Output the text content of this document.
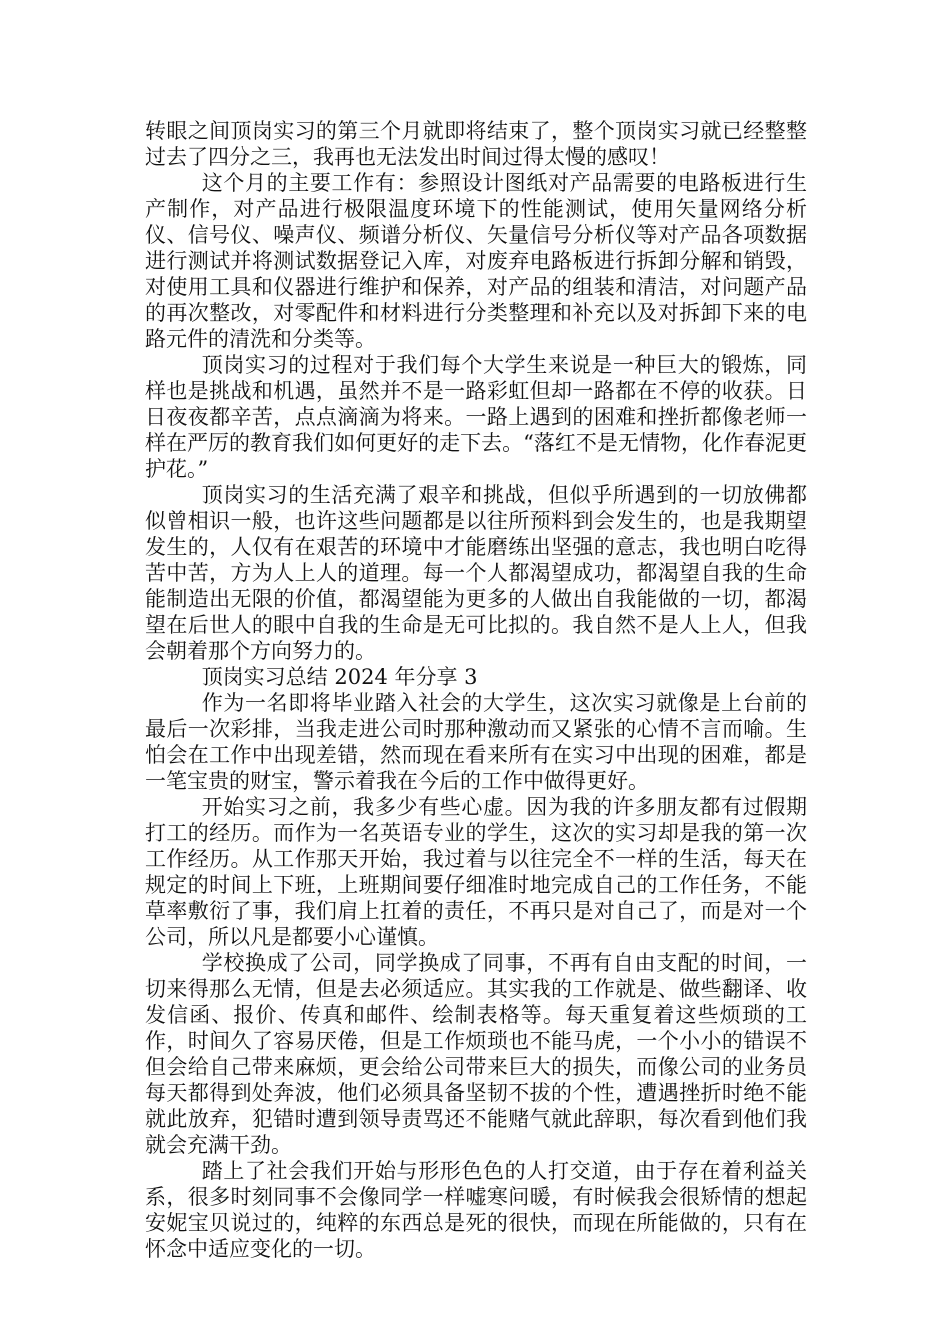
转眼之间顶岗实习的第三个月就即将结束了，整个顶岗实习就已经整整过去了四分之三，我再也无法发出时间过得太慢的感叹！

这个月的主要工作有：参照设计图纸对产品需要的电路板进行生产制作，对产品进行极限温度环境下的性能测试，使用矢量网络分析仪、信号仪、噪声仪、频谱分析仪、矢量信号分析仪等对产品各项数据进行测试并将测试数据登记入库，对废弃电路板进行拆卸分解和销毁，对使用工具和仪器进行维护和保养，对产品的组装和清洁，对问题产品的再次整改，对零配件和材料进行分类整理和补充以及对拆卸下来的电路元件的清洗和分类等。

顶岗实习的过程对于我们每个大学生来说是一种巨大的锻炼，同样也是挑战和机遇，虽然并不是一路彩虹但却一路都在不停的收获。日日夜夜都辛苦，点点滴滴为将来。一路上遇到的困难和挫折都像老师一样在严厉的教育我们如何更好的走下去。“落红不是无情物，化作春泥更护花。”

顶岗实习的生活充满了艰辛和挑战，但似乎所遇到的一切放佛都似曾相识一般，也许这些问题都是以往所预料到会发生的，也是我期望发生的，人仅有在艰苦的环境中才能磨练出坚强的意志，我也明白吃得苦中苦，方为人上人的道理。每一个人都渴望成功，都渴望自我的生命能制造出无限的价值，都渴望能为更多的人做出自我能做的一切，都渴望在后世人的眼中自我的生命是无可比拟的。我自然不是人上人，但我会朝着那个方向努力的。

顶岗实习总结 2024 年分享 3

作为一名即将毕业踏入社会的大学生，这次实习就像是上台前的最后一次彩排，当我走进公司时那种激动而又紧张的心情不言而喻。生怕会在工作中出现差错，然而现在看来所有在实习中出现的困难，都是一笔宝贵的财宝，警示着我在今后的工作中做得更好。

开始实习之前，我多少有些心虚。因为我的许多朋友都有过假期打工的经历。而作为一名英语专业的学生，这次的实习却是我的第一次工作经历。从工作那天开始，我过着与以往完全不一样的生活，每天在规定的时间上下班，上班期间要仔细准时地完成自己的工作任务，不能草率敷衍了事，我们肩上扛着的责任，不再只是对自己了，而是对一个公司，所以凡是都要小心谨慎。

学校换成了公司，同学换成了同事，不再有自由支配的时间，一切来得那么无情，但是去必须适应。其实我的工作就是、做些翻译、收发信函、报价、传真和邮件、绘制表格等。每天重复着这些烦琐的工作，时间久了容易厌倦，但是工作烦琐也不能马虎，一个小小的错误不但会给自己带来麻烦，更会给公司带来巨大的损失，而像公司的业务员每天都得到处奔波，他们必须具备坚韧不拔的个性，遭遇挫折时绝不能就此放弃，犯错时遭到领导责骂还不能赌气就此辞职，每次看到他们我就会充满干劲。

踏上了社会我们开始与形形色色的人打交道，由于存在着利益关系，很多时刻同事不会像同学一样嘘寒问暖，有时候我会很矫情的想起安妮宝贝说过的，纯粹的东西总是死的很快，而现在所能做的，只有在怀念中适应变化的一切。
